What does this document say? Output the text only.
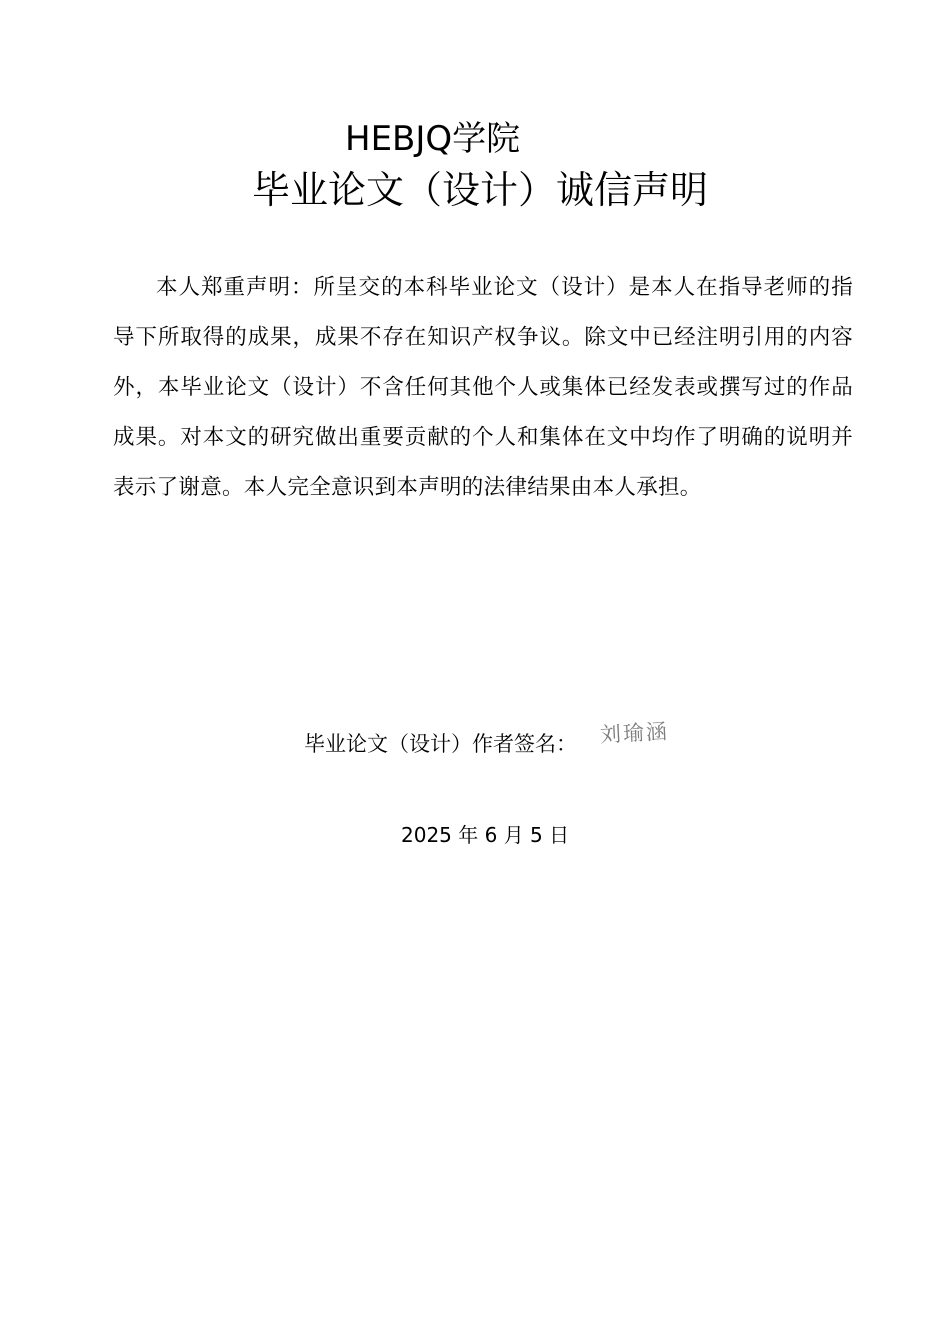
HEBJQ学院
毕业论文（设计）诚信声明

本人郑重声明：所呈交的本科毕业论文（设计）是本人在指导老师的指导下所取得的成果，成果不存在知识产权争议。除文中已经注明引用的内容外，本毕业论文（设计）不含任何其他个人或集体已经发表或撰写过的作品成果。对本文的研究做出重要贡献的个人和集体在文中均作了明确的说明并表示了谢意。本人完全意识到本声明的法律结果由本人承担。

毕业论文（设计）作者签名： 刘瑜涵
2025 年 6 月 5 日
